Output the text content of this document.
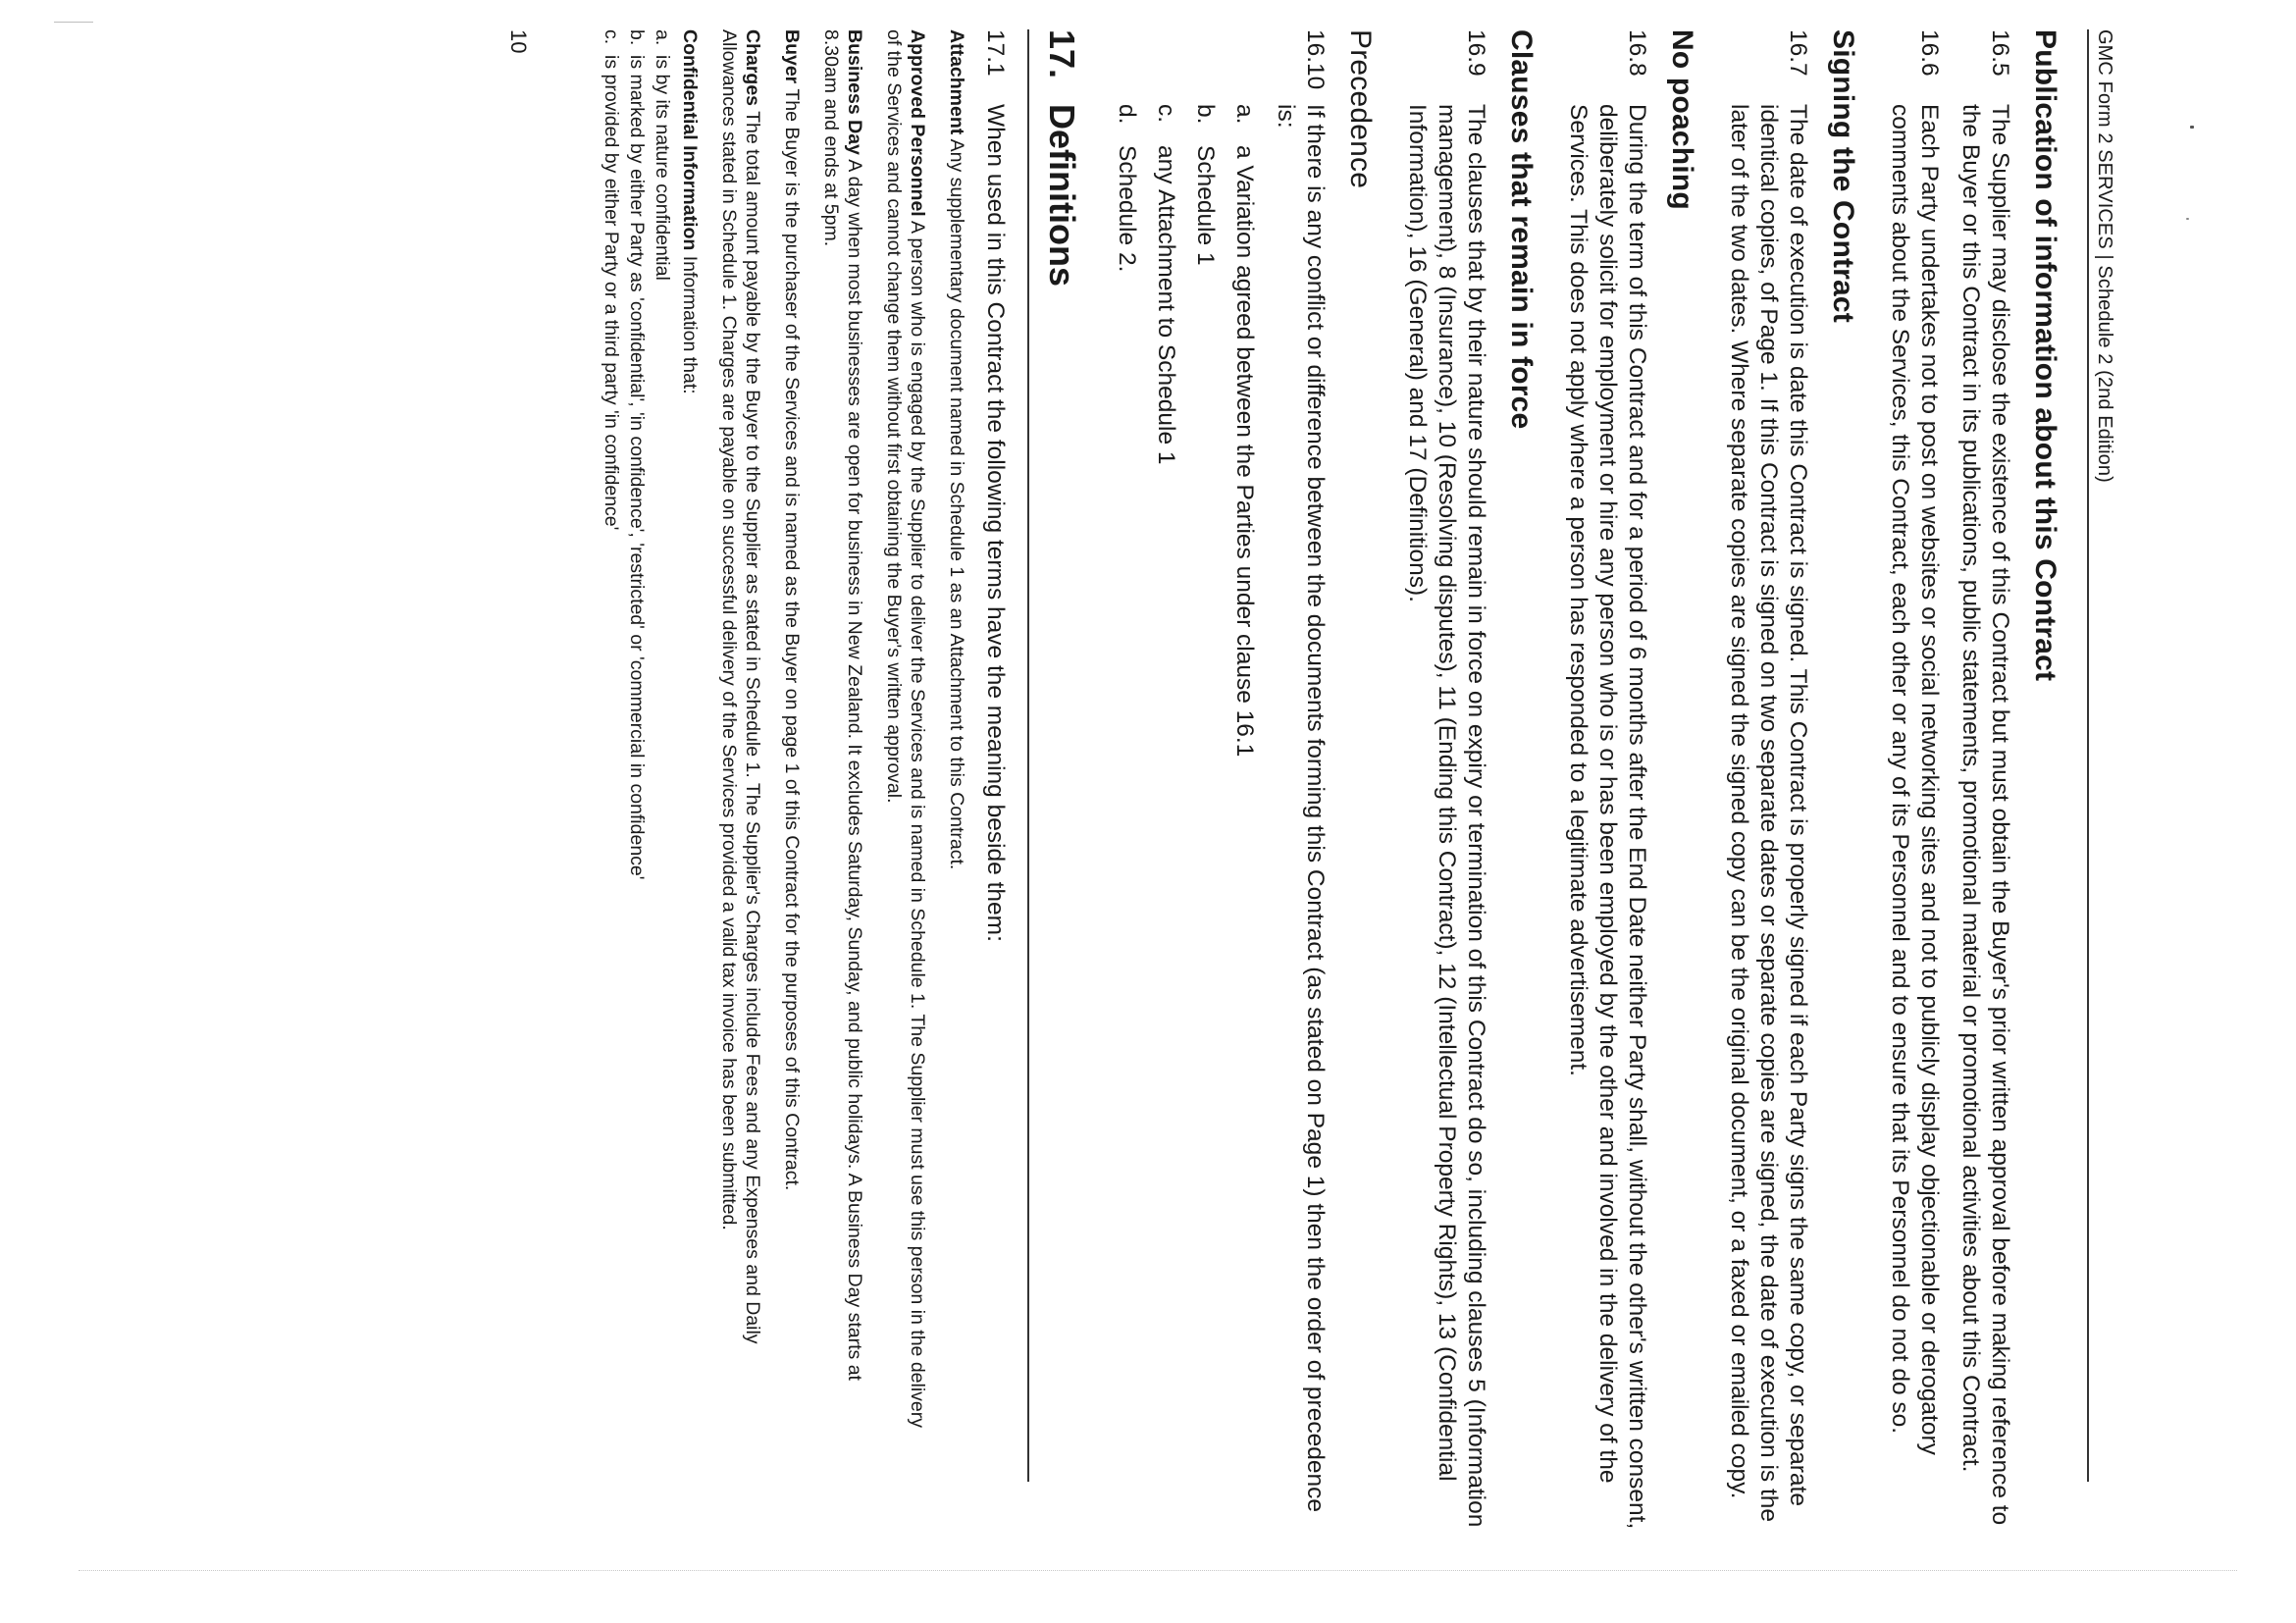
GMC Form 2 SERVICES | Schedule 2 (2nd Edition)
Publication of information about this Contract
16.5
The Supplier may disclose the existence of this Contract but must obtain the Buyer's prior written approval before making reference to the Buyer or this Contract in its publications, public statements, promotional material or promotional activities about this Contract.
16.6
Each Party undertakes not to post on websites or social networking sites and not to publicly display objectionable or derogatory comments about the Services, this Contract, each other or any of its Personnel and to ensure that its Personnel do not do so.
Signing the Contract
16.7
The date of execution is date this Contract is signed. This Contract is properly signed if each Party signs the same copy, or separate identical copies, of Page 1. If this Contract is signed on two separate dates or separate copies are signed, the date of execution is the later of the two dates. Where separate copies are signed the signed copy can be the original document, or a faxed or emailed copy.
No poaching
16.8
During the term of this Contract and for a period of 6 months after the End Date neither Party shall, without the other's written consent, deliberately solicit for employment or hire any person who is or has been employed by the other and involved in the delivery of the Services. This does not apply where a person has responded to a legitimate advertisement.
Clauses that remain in force
16.9
The clauses that by their nature should remain in force on expiry or termination of this Contract do so, including clauses 5 (Information management), 8 (Insurance), 10 (Resolving disputes), 11 (Ending this Contract), 12 (Intellectual Property Rights), 13 (Confidential Information), 16 (General) and 17 (Definitions).
Precedence
16.10
If there is any conflict or difference between the documents forming this Contract (as stated on Page 1) then the order of precedence is:
a.
a Variation agreed between the Parties under clause 16.1
b.
Schedule 1
c.
any Attachment to Schedule 1
d.
Schedule 2.
17.
Definitions
17.1
When used in this Contract the following terms have the meaning beside them:
Attachment Any supplementary document named in Schedule 1 as an Attachment to this Contract.
Approved Personnel A person who is engaged by the Supplier to deliver the Services and is named in Schedule 1. The Supplier must use this person in the delivery of the Services and cannot change them without first obtaining the Buyer's written approval.
Business Day A day when most businesses are open for business in New Zealand. It excludes Saturday, Sunday, and public holidays. A Business Day starts at 8.30am and ends at 5pm.
Buyer The Buyer is the purchaser of the Services and is named as the Buyer on page 1 of this Contract for the purposes of this Contract.
Charges The total amount payable by the Buyer to the Supplier as stated in Schedule 1. The Supplier's Charges include Fees and any Expenses and Daily Allowances stated in Schedule 1. Charges are payable on successful delivery of the Services provided a valid tax invoice has been submitted.
Confidential Information Information that:
a.
is by its nature confidential
b.
is marked by either Party as 'confidential', 'in confidence', 'restricted' or 'commercial in confidence'
c.
is provided by either Party or a third party 'in confidence'
10
